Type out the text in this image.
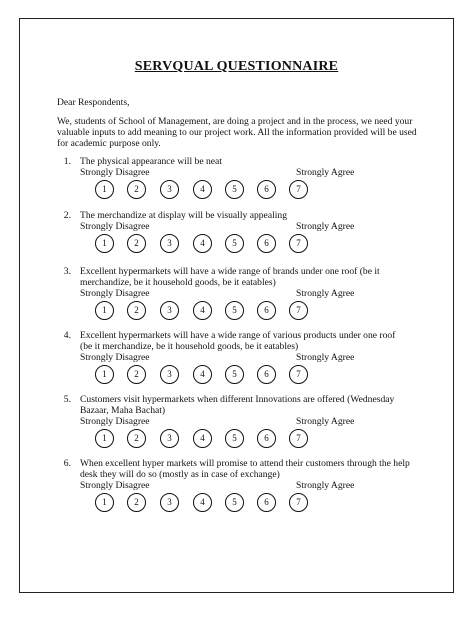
SERVQUAL QUESTIONNAIRE
Dear Respondents,
We, students of School of Management, are doing a project and in the process, we need your valuable inputs to add meaning to our project work. All the information provided will be used for academic purpose only.
1. The physical appearance will be neat
Strongly Disagree	Strongly Agree
1	2	3	4	5	6	7
2. The merchandize at display will be visually appealing
Strongly Disagree	Strongly Agree
1	2	3	4	5	6	7
3. Excellent hypermarkets will have a wide range of brands under one roof (be it merchandize, be it household goods, be it eatables)
Strongly Disagree	Strongly Agree
1	2	3	4	5	6	7
4. Excellent hypermarkets will have a wide range of various products under one roof (be it merchandize, be it household goods, be it eatables)
Strongly Disagree	Strongly Agree
1	2	3	4	5	6	7
5. Customers visit hypermarkets when different Innovations are offered (Wednesday Bazaar, Maha Bachat)
Strongly Disagree	Strongly Agree
1	2	3	4	5	6	7
6. When excellent hyper markets will promise to attend their customers through the help desk they will do so (mostly as in case of exchange)
Strongly Disagree	Strongly Agree
1	2	3	4	5	6	7
